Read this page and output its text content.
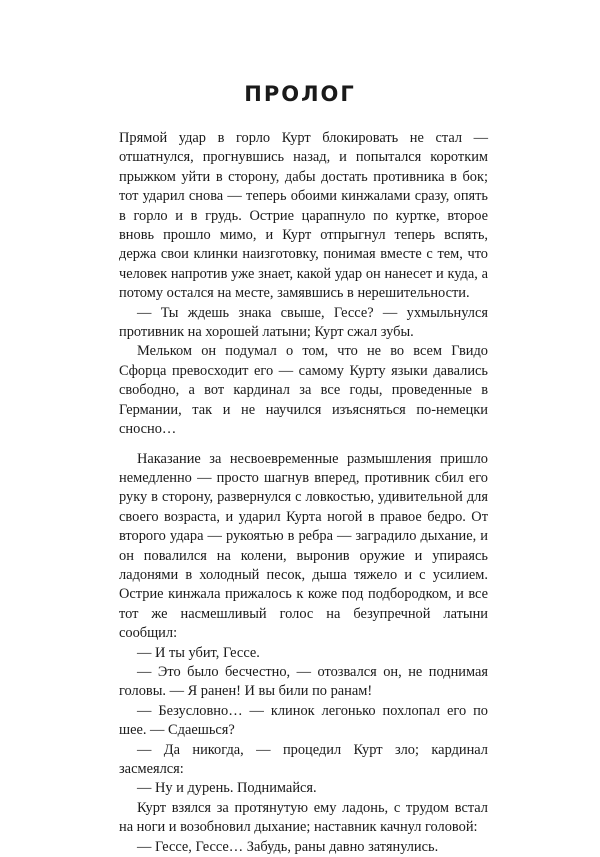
ПРОЛОГ

Прямой удар в горло Курт блокировать не стал — отшатнулся, прогнувшись назад, и попытался коротким прыжком уйти в сторону, дабы достать противника в бок; тот ударил снова — теперь обоими кинжалами сразу, опять в горло и в грудь. Острие царапнуло по куртке, второе вновь прошло мимо, и Курт отпрыгнул теперь вспять, держа свои клинки наизготовку, понимая вместе с тем, что человек напротив уже знает, какой удар он нанесет и куда, а потому остался на месте, замявшись в нерешительности.

— Ты ждешь знака свыше, Гессе? — ухмыльнулся противник на хорошей латыни; Курт сжал зубы.

Мельком он подумал о том, что не во всем Гвидо Сфорца превосходит его — самому Курту языки давались свободно, а вот кардинал за все годы, проведенные в Германии, так и не научился изъясняться по-немецки сносно…

Наказание за несвоевременные размышления пришло немедленно — просто шагнув вперед, противник сбил его руку в сторону, развернулся с ловкостью, удивительной для своего возраста, и ударил Курта ногой в правое бедро. От второго удара — рукоятью в ребра — заградило дыхание, и он повалился на колени, выронив оружие и упираясь ладонями в холодный песок, дыша тяжело и с усилием. Острие кинжала прижалось к коже под подбородком, и все тот же насмешливый голос на безупречной латыни сообщил:

— И ты убит, Гессе.

— Это было бесчестно, — отозвался он, не поднимая головы. — Я ранен! И вы били по ранам!

— Безусловно… — клинок легонько похлопал его по шее. — Сдаешься?

— Да никогда, — процедил Курт зло; кардинал засмеялся:

— Ну и дурень. Поднимайся.

Курт взялся за протянутую ему ладонь, с трудом встал на ноги и возобновил дыхание; наставник качнул головой:

— Гессе, Гессе… Забудь, раны давно затянулись.
